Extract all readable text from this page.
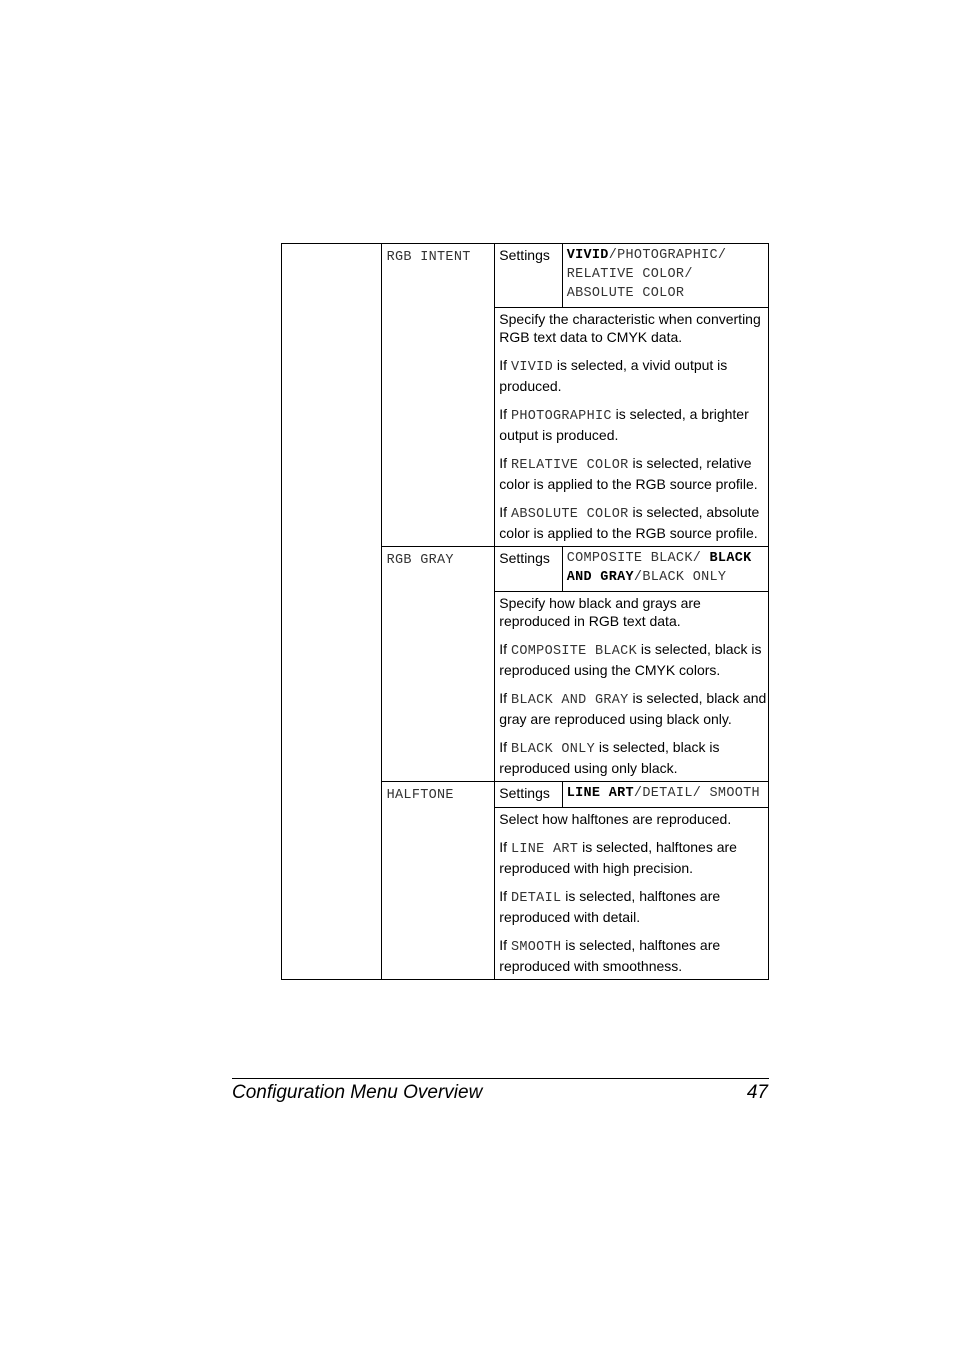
	RGB INTENT	Settings	VIVID/PHOTOGRAPHIC/ RELATIVE COLOR/ ABSOLUTE COLOR

		Specify the characteristic when converting RGB text data to CMYK data.

If VIVID is selected, a vivid output is produced.

If PHOTOGRAPHIC is selected, a brighter output is produced.

If RELATIVE COLOR is selected, relative color is applied to the RGB source profile.

If ABSOLUTE COLOR is selected, absolute color is applied to the RGB source profile.	

	RGB GRAY	Settings	COMPOSITE BLACK/ BLACK AND GRAY/BLACK ONLY

		Specify how black and grays are reproduced in RGB text data.

If COMPOSITE BLACK is selected, black is reproduced using the CMYK colors.

If BLACK AND GRAY is selected, black and gray are reproduced using black only.

If BLACK ONLY is selected, black is reproduced using only black.	

	HALFTONE	Settings	LINE ART/DETAIL/ SMOOTH

		Select how halftones are reproduced.

If LINE ART is selected, halftones are reproduced with high precision.

If DETAIL is selected, halftones are reproduced with detail.

If SMOOTH is selected, halftones are reproduced with smoothness.	

Configuration Menu Overview	47
